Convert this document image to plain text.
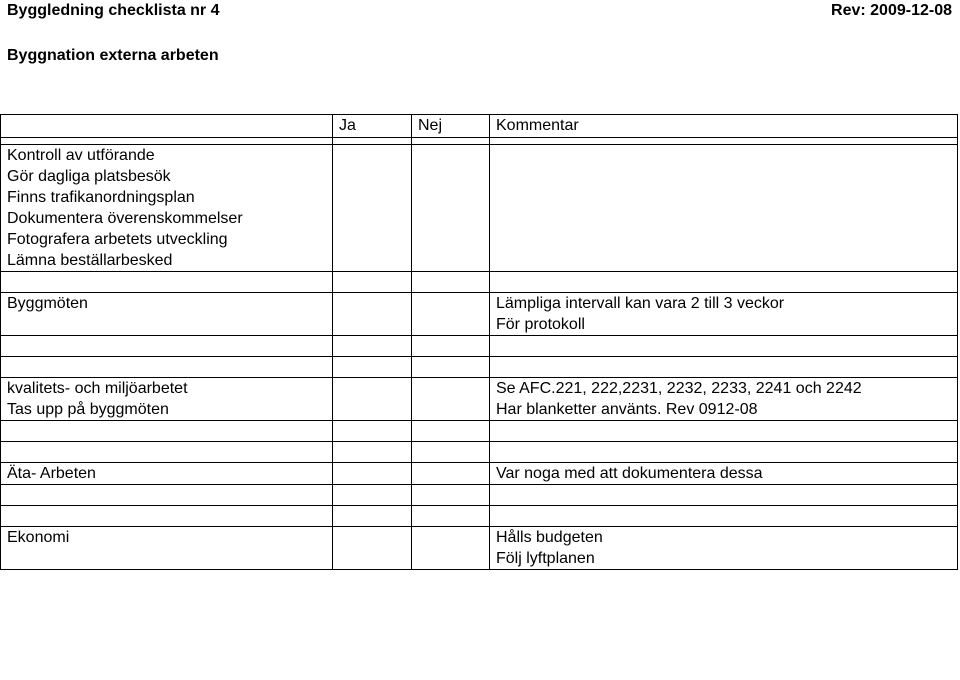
Byggledning checklista nr 4	Rev: 2009-12-08
Byggnation externa arbeten
	Ja	Nej	Kommentar

Kontroll av utförande			
Gör dagliga platsbesök			
Finns trafikanordningsplan			
Dokumentera överenskommelser			
Fotografera arbetets utveckling			
Lämna beställarbesked			

Byggmöten			Lämpliga intervall kan vara 2 till 3 veckor
			För protokoll

kvalitets- och miljöarbetet			Se AFC.221, 222,2231, 2232, 2233, 2241 och 2242
Tas upp på byggmöten			Har blanketter använts. Rev 0912-08

Äta- Arbeten			Var noga med att dokumentera dessa

Ekonomi			Hålls budgeten
			Följ lyftplanen
